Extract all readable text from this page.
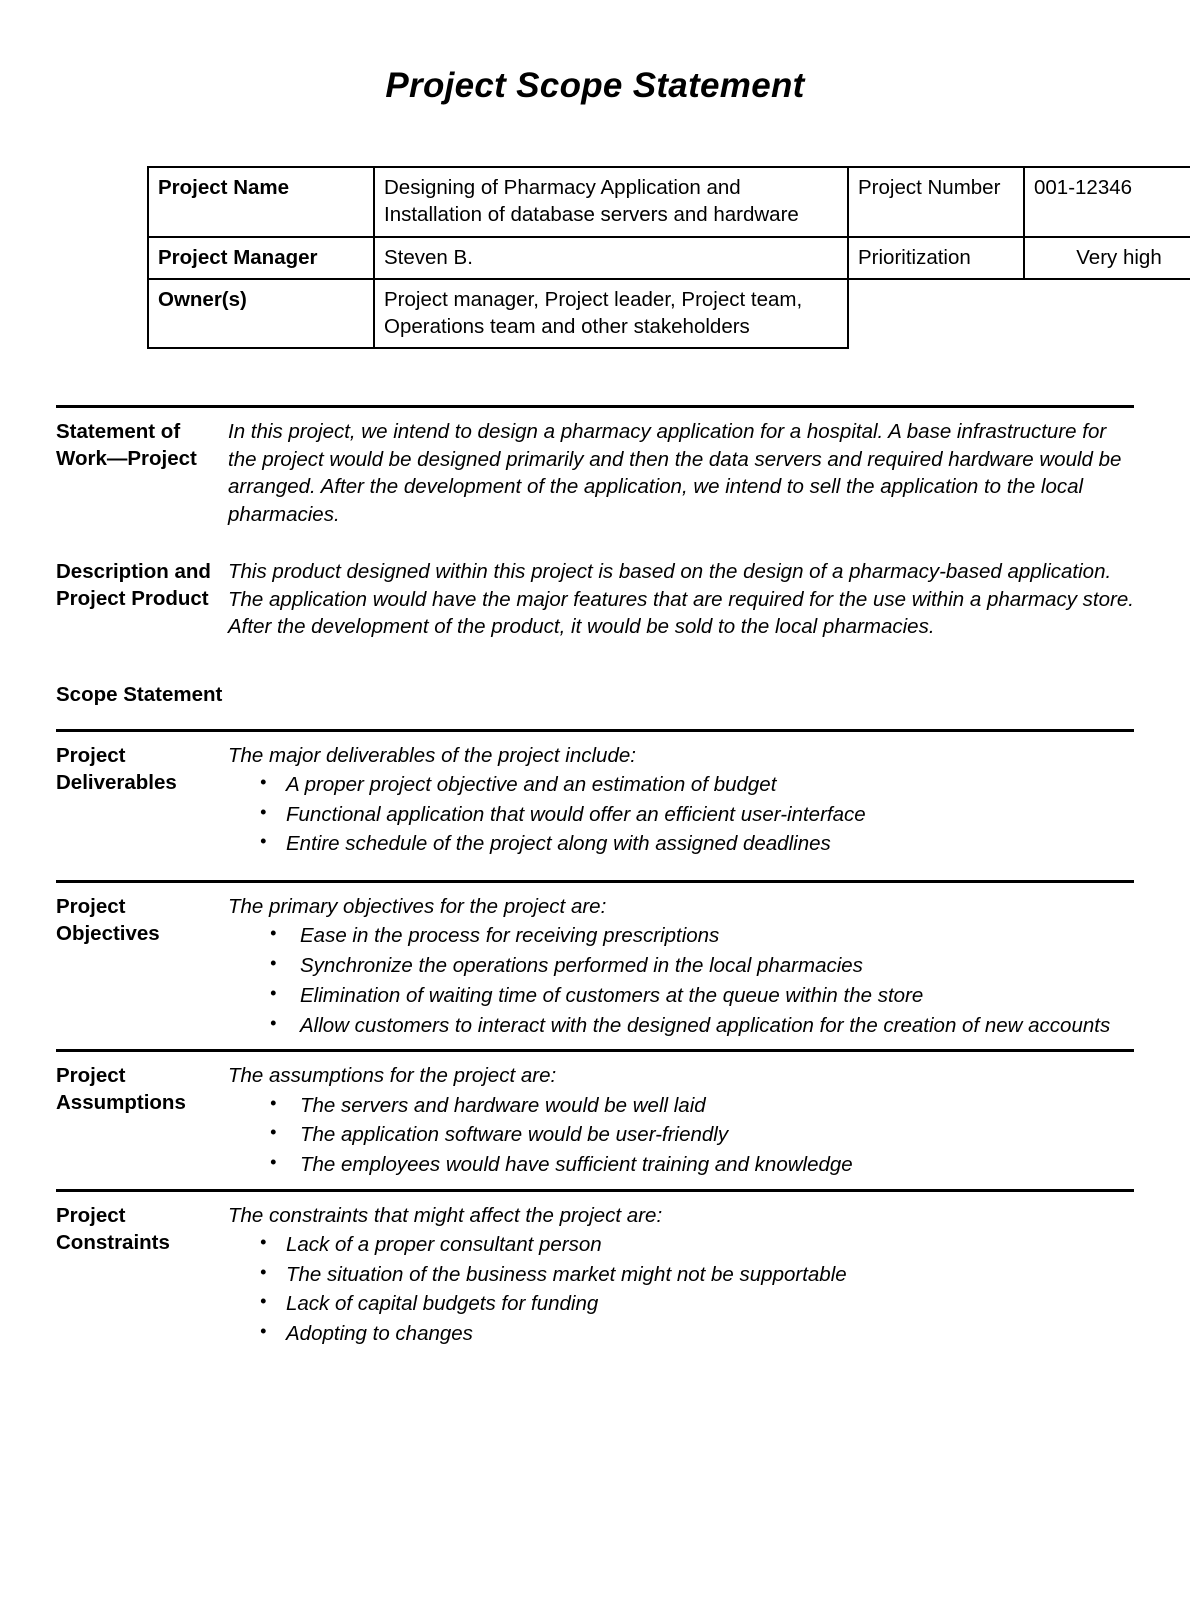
Project Scope Statement
Project Name	Designing of Pharmacy Application and Installation of database servers and hardware	Project Number	001-12346
Project Manager	Steven B.	Prioritization	Very high
Owner(s)	Project manager, Project leader, Project team, Operations team and other stakeholders		
Statement of Work—Project
In this project, we intend to design a pharmacy application for a hospital. A base infrastructure for the project would be designed primarily and then the data servers and required hardware would be arranged. After the development of the application, we intend to sell the application to the local pharmacies.
Description and Project Product
This product designed within this project is based on the design of a pharmacy-based application. The application would have the major features that are required for the use within a pharmacy store. After the development of the product, it would be sold to the local pharmacies.
Scope Statement
Project Deliverables

The major deliverables of the project include:

• A proper project objective and an estimation of budget
• Functional application that would offer an efficient user-interface
• Entire schedule of the project along with assigned deadlines
Project Objectives

The primary objectives for the project are:

• Ease in the process for receiving prescriptions
• Synchronize the operations performed in the local pharmacies
• Elimination of waiting time of customers at the queue within the store
• Allow customers to interact with the designed application for the creation of new accounts
Project Assumptions

The assumptions for the project are:

• The servers and hardware would be well laid
• The application software would be user-friendly
• The employees would have sufficient training and knowledge
Project Constraints

The constraints that might affect the project are:

• Lack of a proper consultant person
• The situation of the business market might not be supportable
• Lack of capital budgets for funding
• Adopting to changes
